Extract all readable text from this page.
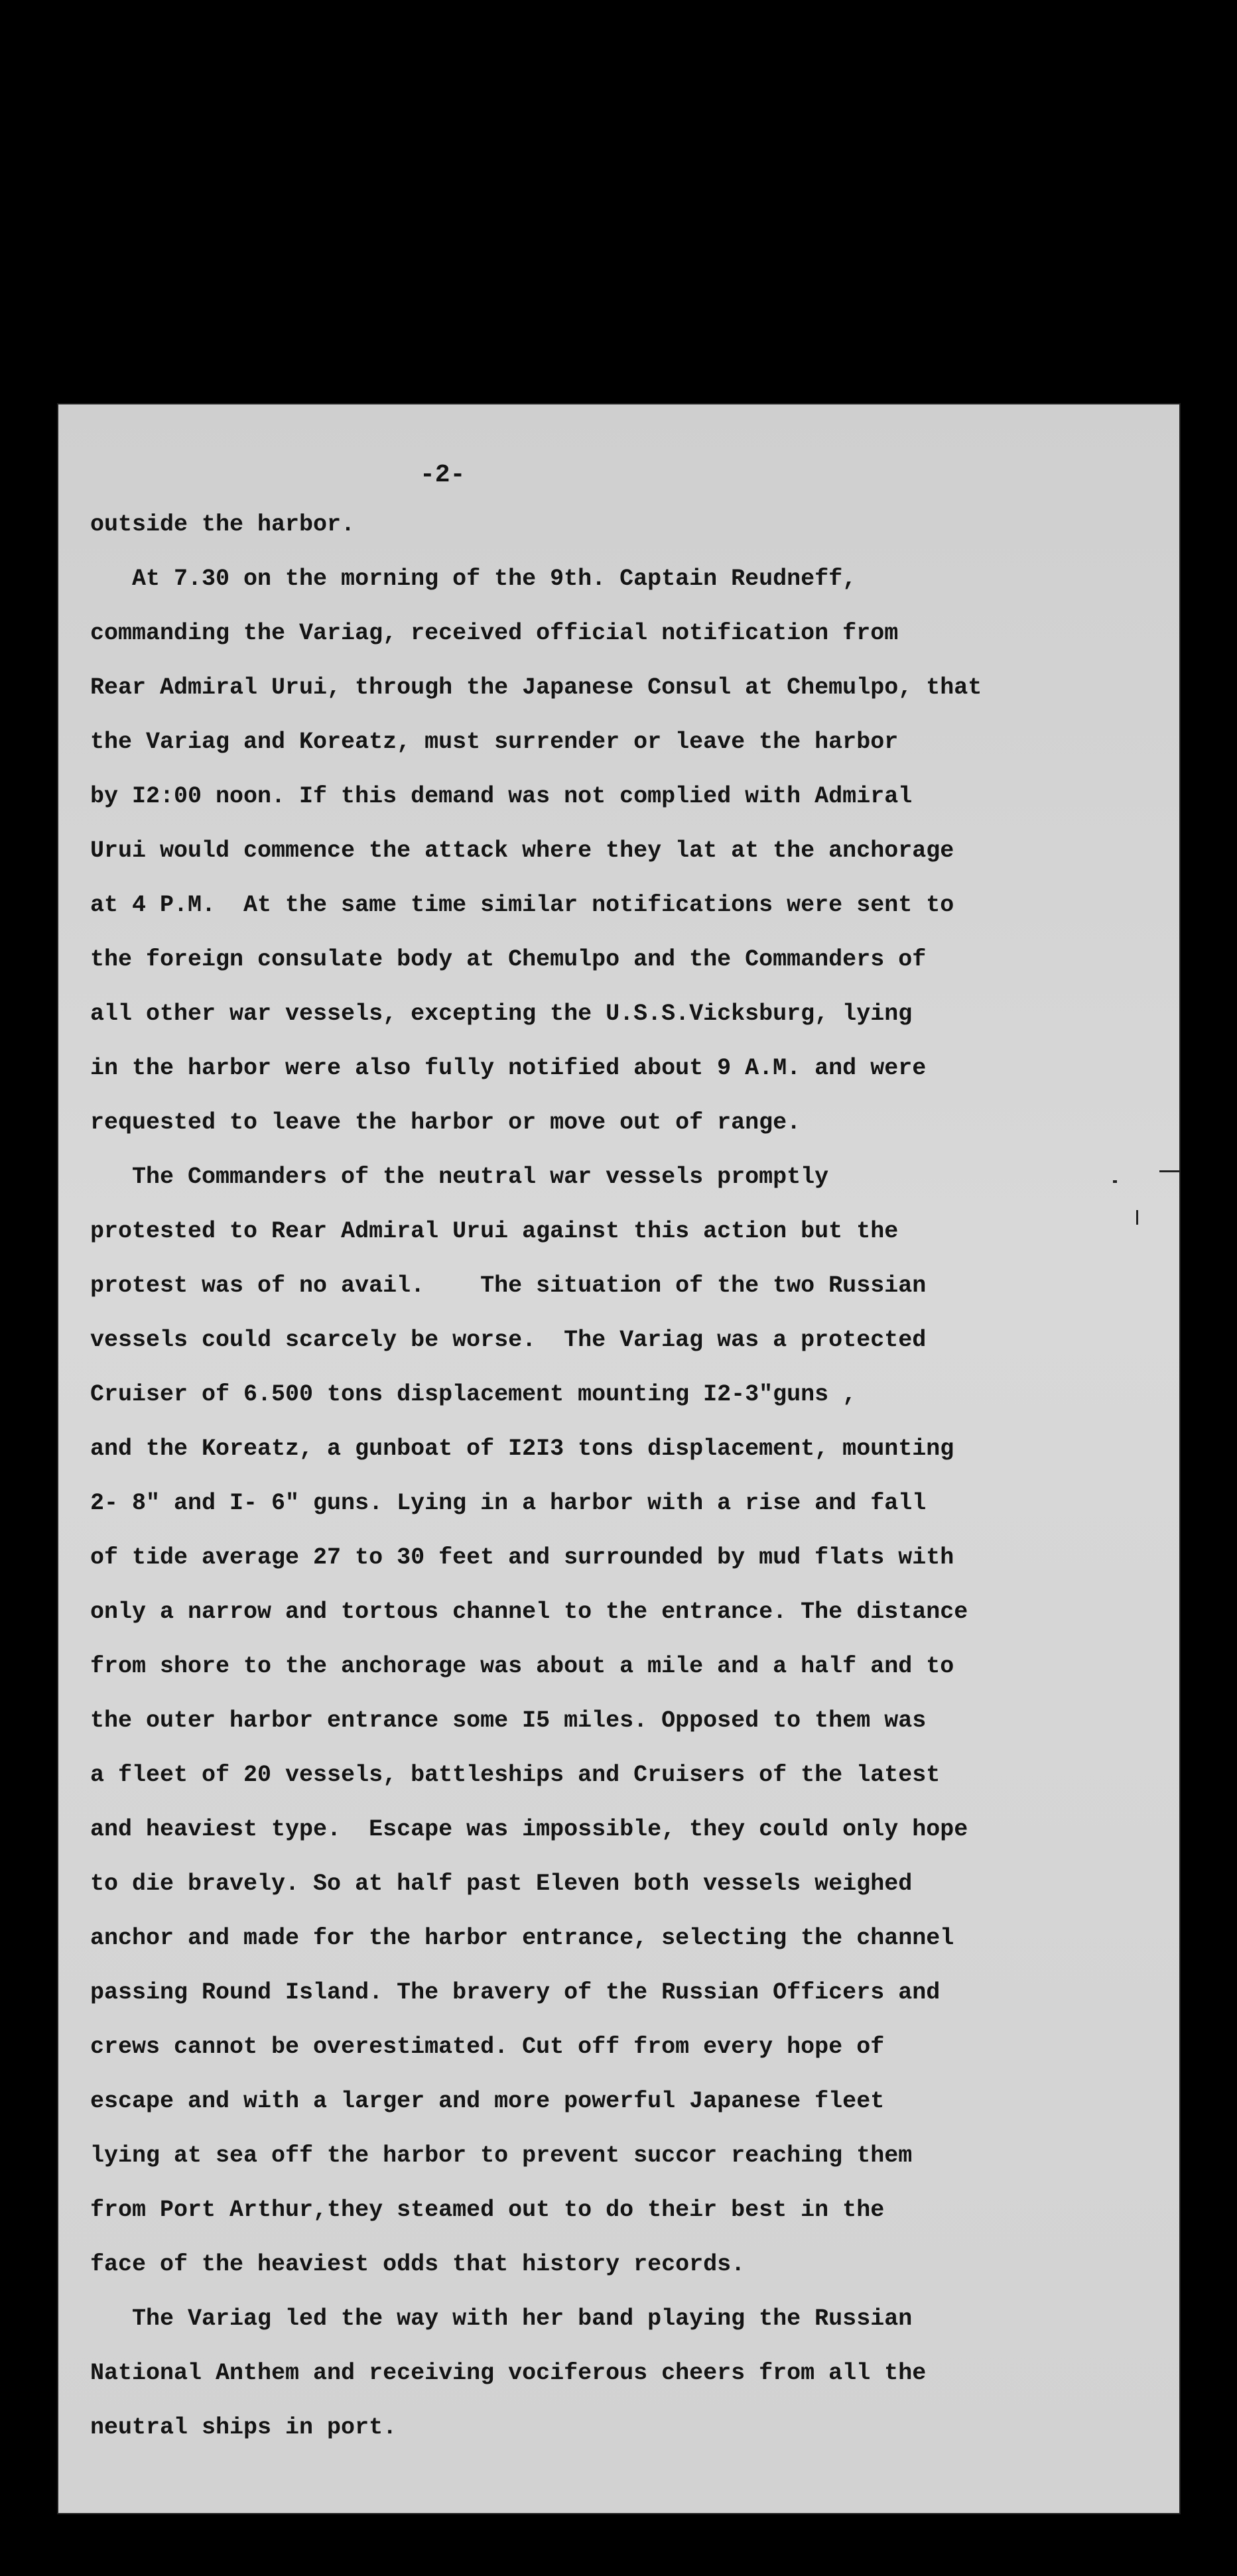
-2-
outside the harbor.
At 7.30 on the morning of the 9th. Captain Reudneff,
commanding the Variag, received official notification from
Rear Admiral Urui, through the Japanese Consul at Chemulpo, that
the Variag and Koreatz, must surrender or leave the harbor
by I2:00 noon. If this demand was not complied with Admiral
Urui would commence the attack where they lat at the anchorage
at 4 P.M.  At the same time similar notifications were sent to
the foreign consulate body at Chemulpo and the Commanders of
all other war vessels, excepting the U.S.S.Vicksburg, lying
in the harbor were also fully notified about 9 A.M. and were
requested to leave the harbor or move out of range.
The Commanders of the neutral war vessels promptly
protested to Rear Admiral Urui against this action but the
protest was of no avail.    The situation of the two Russian
vessels could scarcely be worse.  The Variag was a protected
Cruiser of 6.500 tons displacement mounting I2-3"guns ,
and the Koreatz, a gunboat of I2I3 tons displacement, mounting
2- 8" and I- 6" guns. Lying in a harbor with a rise and fall
of tide average 27 to 30 feet and surrounded by mud flats with
only a narrow and tortous channel to the entrance. The distance
from shore to the anchorage was about a mile and a half and to
the outer harbor entrance some I5 miles. Opposed to them was
a fleet of 20 vessels, battleships and Cruisers of the latest
and heaviest type.  Escape was impossible, they could only hope
to die bravely. So at half past Eleven both vessels weighed
anchor and made for the harbor entrance, selecting the channel
passing Round Island. The bravery of the Russian Officers and
crews cannot be overestimated. Cut off from every hope of
escape and with a larger and more powerful Japanese fleet
lying at sea off the harbor to prevent succor reaching them
from Port Arthur,they steamed out to do their best in the
face of the heaviest odds that history records.
The Variag led the way with her band playing the Russian
National Anthem and receiving vociferous cheers from all the
neutral ships in port.
